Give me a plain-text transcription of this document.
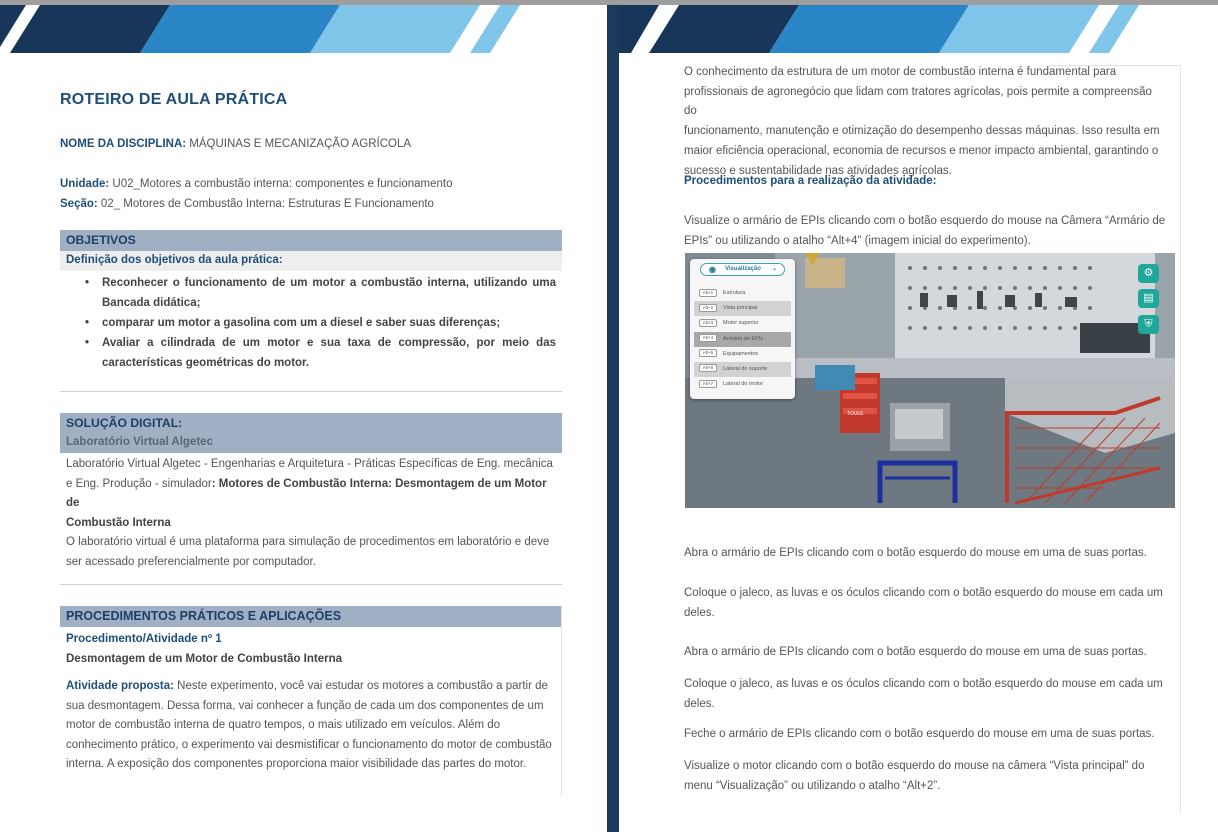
ROTEIRO DE AULA PRÁTICA
NOME DA DISCIPLINA: MÁQUINAS E MECANIZAÇÃO AGRÍCOLA
Unidade: U02_Motores a combustão interna: componentes e funcionamento
Seção: 02_ Motores de Combustão Interna: Estruturas E Funcionamento
OBJETIVOS
Definição dos objetivos da aula prática:
• Reconhecer o funcionamento de um motor a combustão interna, utilizando uma Bancada didática;
• comparar um motor a gasolina com um a diesel e saber suas diferenças;
• Avaliar a cilindrada de um motor e sua taxa de compressão, por meio das características geométricas do motor.
SOLUÇÃO DIGITAL:
Laboratório Virtual Algetec
Laboratório Virtual Algetec - Engenharias e Arquitetura - Práticas Específicas de Eng. mecânica
e Eng. Produção - simulador: Motores de Combustão Interna: Desmontagem de um Motor de
Combustão Interna
O laboratório virtual é uma plataforma para simulação de procedimentos em laboratório e deve
ser acessado preferencialmente por computador.
PROCEDIMENTOS PRÁTICOS E APLICAÇÕES
Procedimento/Atividade nº 1
Desmontagem de um Motor de Combustão Interna
Atividade proposta: Neste experimento, você vai estudar os motores a combustão a partir de
sua desmontagem. Dessa forma, vai conhecer a função de cada um dos componentes de um
motor de combustão interna de quatro tempos, o mais utilizado em veículos. Além do
conhecimento prático, o experimento vai desmistificar o funcionamento do motor de combustão
interna. A exposição dos componentes proporciona maior visibilidade das partes do motor.
O conhecimento da estrutura de um motor de combustão interna é fundamental para
profissionais de agronegócio que lidam com tratores agrícolas, pois permite a compreensão do
funcionamento, manutenção e otimização do desempenho dessas máquinas. Isso resulta em
maior eficiência operacional, economia de recursos e menor impacto ambiental, garantindo o
sucesso e sustentabilidade nas atividades agrícolas.
Procedimentos para a realização da atividade:
Visualize o armário de EPIs clicando com o botão esquerdo do mouse na Câmera “Armário de
EPIs” ou utilizando o atalho “Alt+4” (imagem inicial do experimento).
TOULE
◉ Visualização ⌄
Alt+1 Estrutura
Alt+2 Vista principal
Alt+3 Motor superior
Alt+4 Armário de EPIs
Alt+5 Equipamentos
Alt+6 Lateral do suporte
Alt+7 Lateral do motor
⚙
▤
⛨
Abra o armário de EPIs clicando com o botão esquerdo do mouse em uma de suas portas.
Coloque o jaleco, as luvas e os óculos clicando com o botão esquerdo do mouse em cada um
deles.
Abra o armário de EPIs clicando com o botão esquerdo do mouse em uma de suas portas.
Coloque o jaleco, as luvas e os óculos clicando com o botão esquerdo do mouse em cada um
deles.
Feche o armário de EPIs clicando com o botão esquerdo do mouse em uma de suas portas.
Visualize o motor clicando com o botão esquerdo do mouse na câmera “Vista principal” do
menu “Visualização” ou utilizando o atalho “Alt+2”.
